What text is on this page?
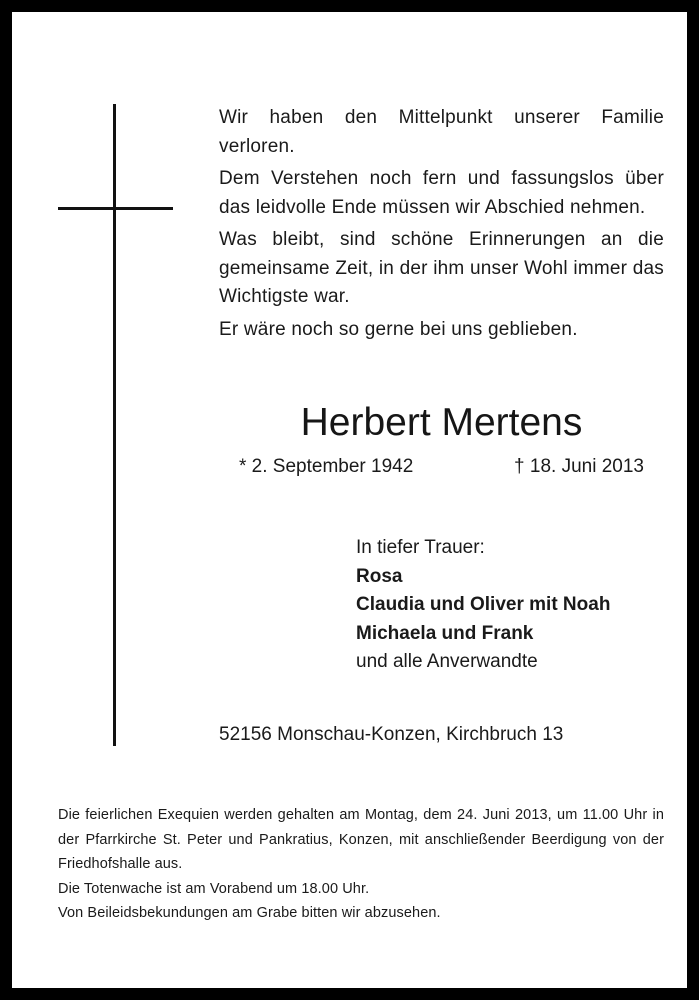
Wir haben den Mittelpunkt unserer Familie verloren.

Dem Verstehen noch fern und fassungslos über das leidvolle Ende müssen wir Abschied nehmen.

Was bleibt, sind schöne Erinnerungen an die gemeinsame Zeit, in der ihm unser Wohl immer das Wichtigste war.

Er wäre noch so gerne bei uns geblieben.

Herbert Mertens
* 2. September 1942	† 18. Juni 2013
In tiefer Trauer:
Rosa
Claudia und Oliver mit Noah
Michaela und Frank
und alle Anverwandte
52156 Monschau-Konzen, Kirchbruch 13

Die feierlichen Exequien werden gehalten am Montag, dem 24. Juni 2013, um 11.00 Uhr in der Pfarrkirche St. Peter und Pankratius, Konzen, mit anschließender Beerdigung von der Friedhofshalle aus.

Die Totenwache ist am Vorabend um 18.00 Uhr.

Von Beileidsbekundungen am Grabe bitten wir abzusehen.
